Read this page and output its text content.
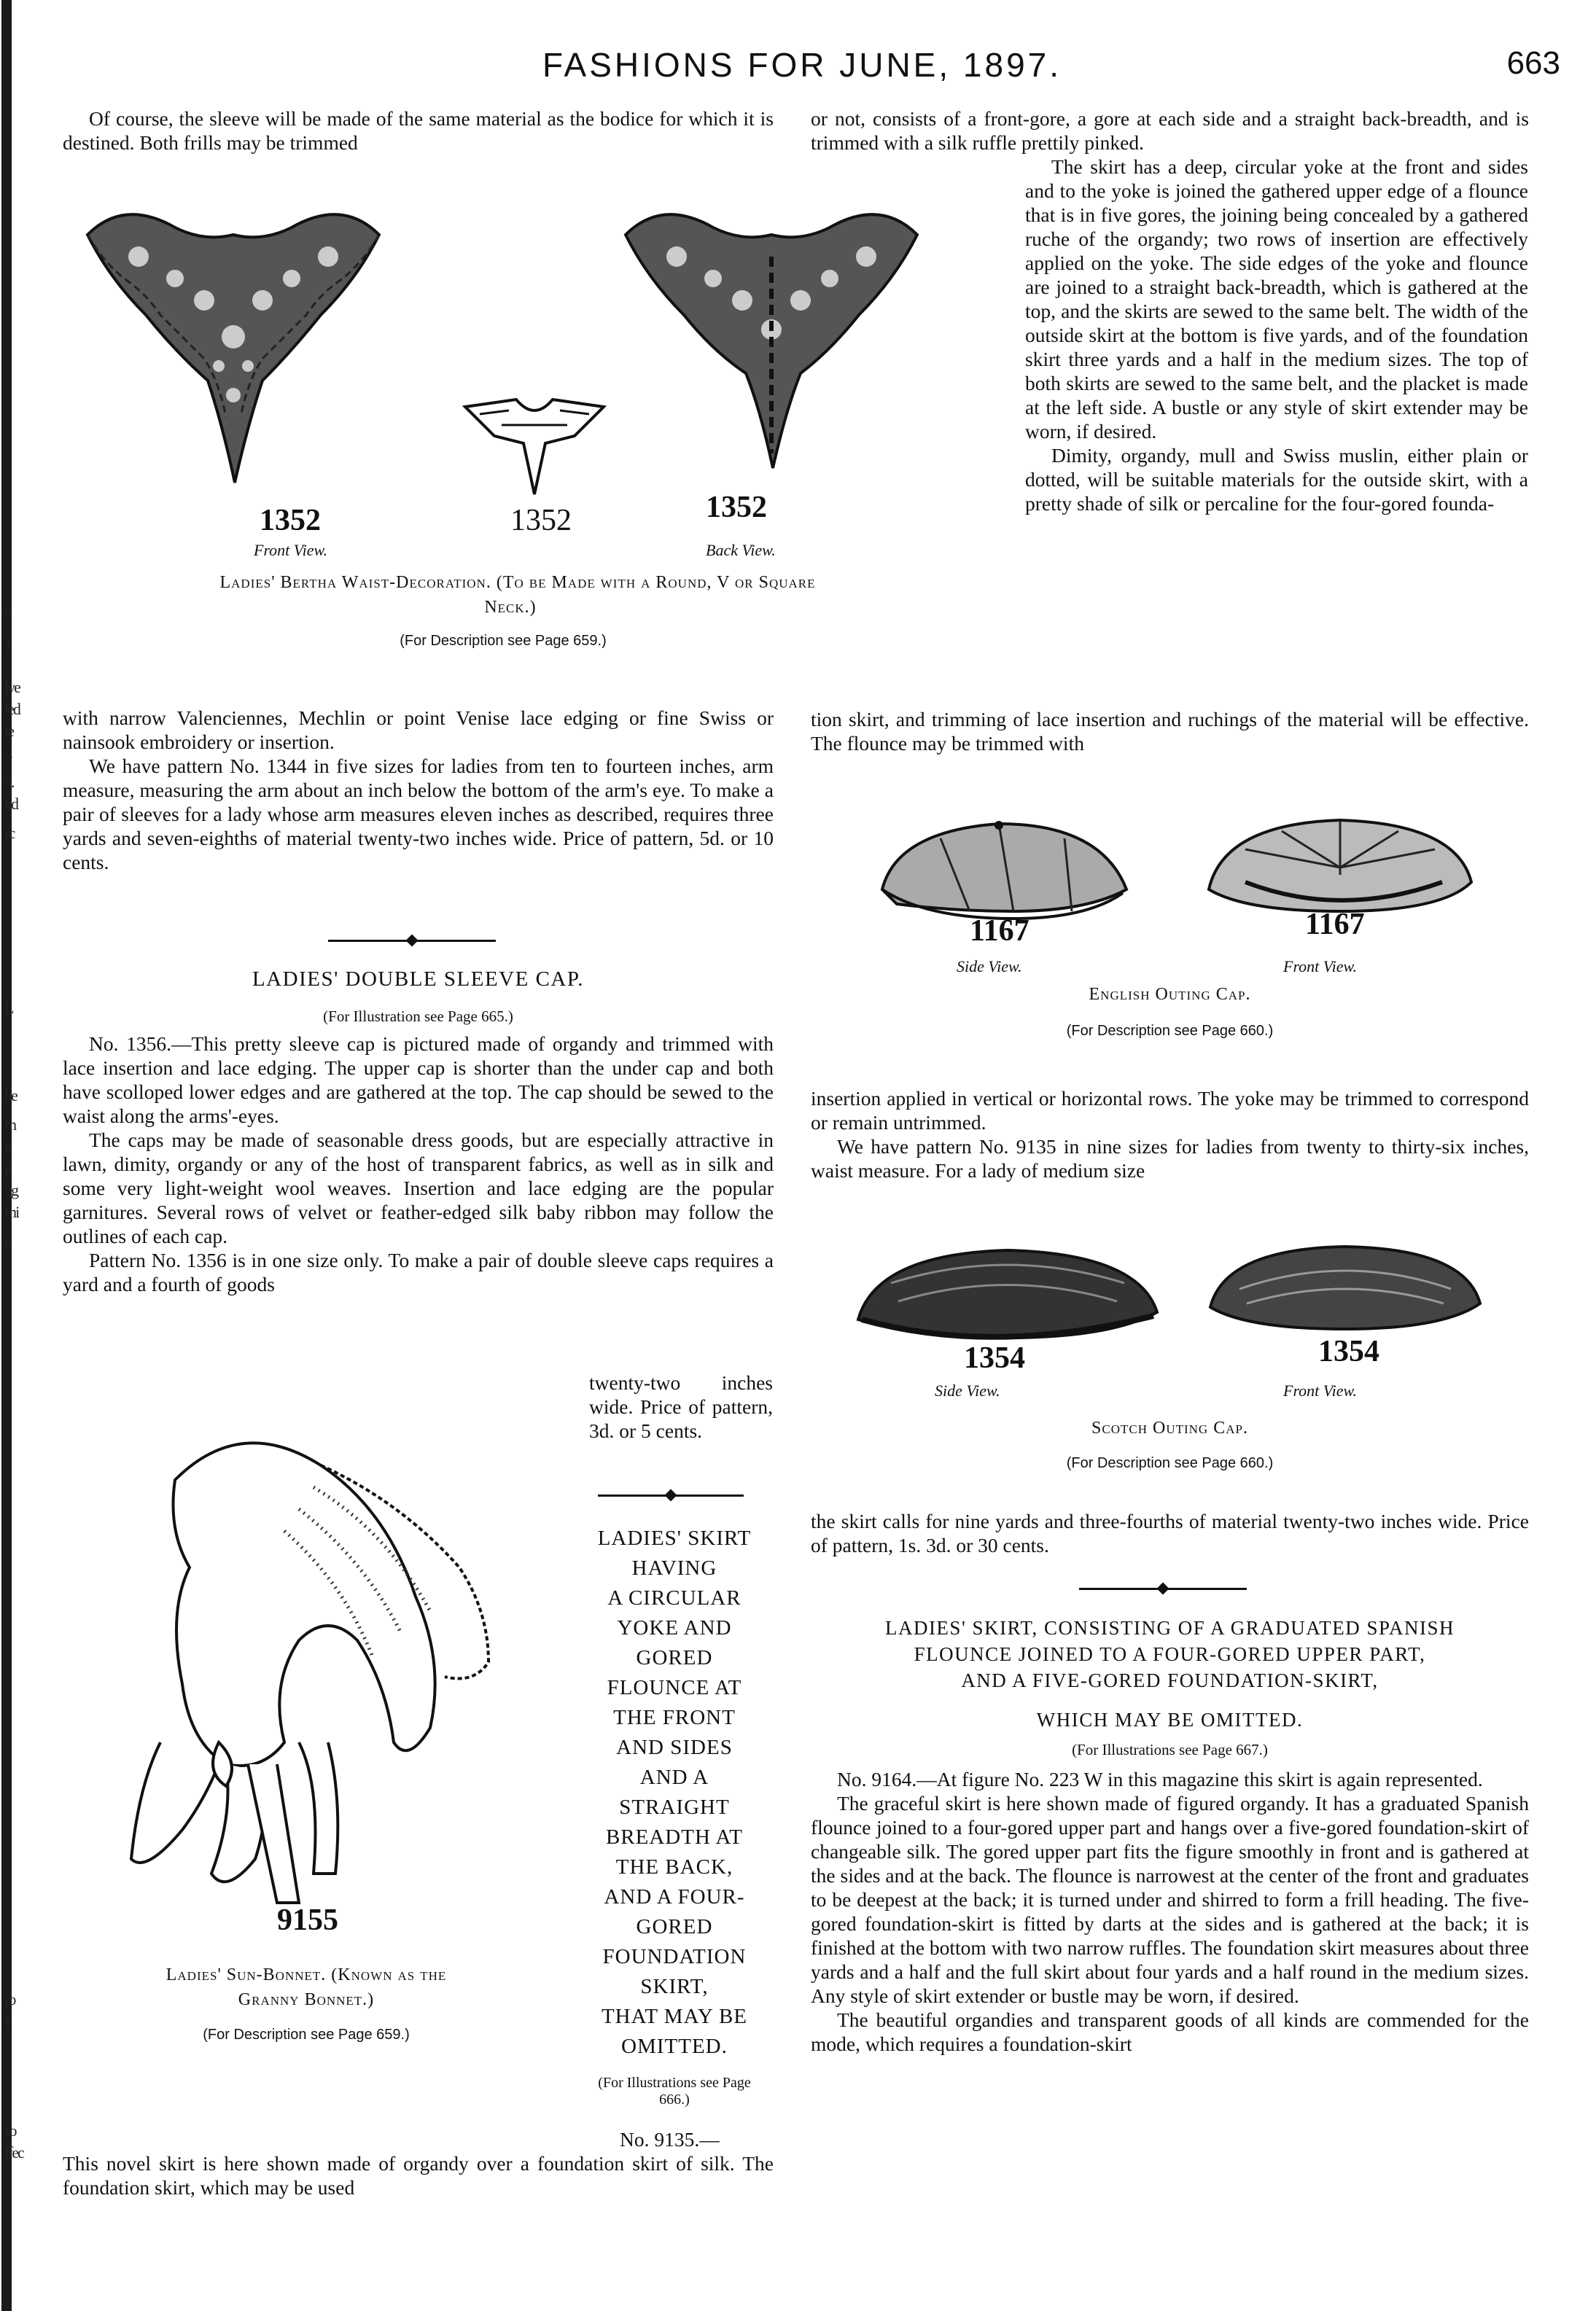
r.
)
lve
led
te
s.
n.
nd
rc
L
he
m
it
n
ug
mi
e
ro
)
so
ffec
FASHIONS FOR JUNE, 1897.	663

Of course, the sleeve will be made of the same material as the bodice for which it is destined. Both frills may be trimmed

1352
Front View.
1352	1352
Back View.
Ladies' Bertha Waist-Decoration. (To be Made with a Round, V or Square
Neck.)
(For Description see Page 659.)

with narrow Valenciennes, Mechlin or point Venise lace edging or fine Swiss or nainsook embroidery or insertion.

We have pattern No. 1344 in five sizes for ladies from ten to fourteen inches, arm measure, measuring the arm about an inch below the bottom of the arm's eye. To make a pair of sleeves for a lady whose arm measures eleven inches as described, requires three yards and seven-eighths of material twenty-two inches wide. Price of pattern, 5d. or 10 cents.

LADIES' DOUBLE SLEEVE CAP.
(For Illustration see Page 665.)

No. 1356.—This pretty sleeve cap is pictured made of organdy and trimmed with lace insertion and lace edging. The upper cap is shorter than the under cap and both have scolloped lower edges and are gathered at the top. The cap should be sewed to the waist along the arms'-eyes.

The caps may be made of seasonable dress goods, but are especially attractive in lawn, dimity, organdy or any of the host of transparent fabrics, as well as in silk and some very light-weight wool weaves. Insertion and lace edging are the popular garnitures. Several rows of velvet or feather-edged silk baby ribbon may follow the outlines of each cap.

Pattern No. 1356 is in one size only. To make a pair of double sleeve caps requires a yard and a fourth of goods

twenty-two inches wide. Price of pattern, 3d. or 5 cents.

9155
Ladies' Sun-Bonnet. (Known as the
Granny Bonnet.)
(For Description see Page 659.)
LADIES' SKIRT
HAVING
A CIRCULAR
YOKE AND
GORED
FLOUNCE AT
THE FRONT
AND SIDES
AND A
STRAIGHT
BREADTH AT
THE BACK,
AND A FOUR-
GORED
FOUNDATION
SKIRT,
THAT MAY BE
OMITTED.
(For Illustrations see Page 666.)
No. 9135.—
This novel skirt is here shown made of organdy over a foundation skirt of silk. The foundation skirt, which may be used

or not, consists of a front-gore, a gore at each side and a straight back-breadth, and is trimmed with a silk ruffle prettily pinked.

The skirt has a deep, circular yoke at the front and sides and to the yoke is joined the gathered upper edge of a flounce that is in five gores, the joining being concealed by a gathered ruche of the organdy; two rows of insertion are effectively applied on the yoke. The side edges of the yoke and flounce are joined to a straight back-breadth, which is gathered at the top, and the skirts are sewed to the same belt. The width of the outside skirt at the bottom is five yards, and of the foundation skirt three yards and a half in the medium sizes. The top of both skirts are sewed to the same belt, and the placket is made at the left side. A bustle or any style of skirt extender may be worn, if desired.

Dimity, organdy, mull and Swiss muslin, either plain or dotted, will be suitable materials for the outside skirt, with a pretty shade of silk or percaline for the four-gored founda-

tion skirt, and trimming of lace insertion and ruchings of the material will be effective. The flounce may be trimmed with

1167
Side View.
1167
Front View.
English Outing Cap.
(For Description see Page 660.)

insertion applied in vertical or horizontal rows. The yoke may be trimmed to correspond or remain untrimmed.

We have pattern No. 9135 in nine sizes for ladies from twenty to thirty-six inches, waist measure. For a lady of medium size

1354
Side View.
1354
Front View.
Scotch Outing Cap.
(For Description see Page 660.)

the skirt calls for nine yards and three-fourths of material twenty-two inches wide. Price of pattern, 1s. 3d. or 30 cents.

LADIES' SKIRT, CONSISTING OF A GRADUATED SPANISH
FLOUNCE JOINED TO A FOUR-GORED UPPER PART,
AND A FIVE-GORED FOUNDATION-SKIRT,
WHICH MAY BE OMITTED.
(For Illustrations see Page 667.)

No. 9164.—At figure No. 223 W in this magazine this skirt is again represented.

The graceful skirt is here shown made of figured organdy. It has a graduated Spanish flounce joined to a four-gored upper part and hangs over a five-gored foundation-skirt of changeable silk. The gored upper part fits the figure smoothly in front and is gathered at the sides and at the back. The flounce is narrowest at the center of the front and graduates to be deepest at the back; it is turned under and shirred to form a frill heading. The five-gored foundation-skirt is fitted by darts at the sides and is gathered at the back; it is finished at the bottom with two narrow ruffles. The foundation skirt measures about three yards and a half and the full skirt about four yards and a half round in the medium sizes. Any style of skirt extender or bustle may be worn, if desired.

The beautiful organdies and transparent goods of all kinds are commended for the mode, which requires a foundation-skirt
